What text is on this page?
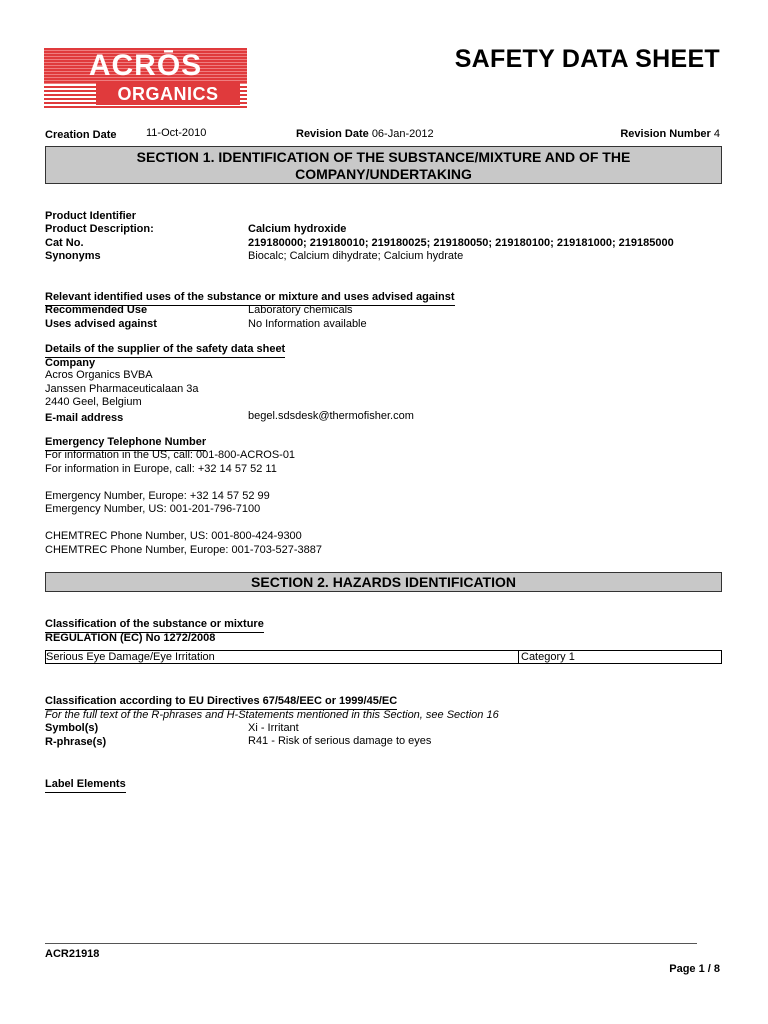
ACRŌS
ORGANICS
SAFETY DATA SHEET
Creation Date	11-Oct-2010	Revision Date 06-Jan-2012	Revision Number 4
SECTION 1. IDENTIFICATION OF THE SUBSTANCE/MIXTURE AND OF THE
COMPANY/UNDERTAKING
Product Identifier
Product Description:	Calcium hydroxide
Cat No.	219180000; 219180010; 219180025; 219180050; 219180100; 219181000; 219185000
Synonyms	Biocalc; Calcium dihydrate; Calcium hydrate
Relevant identified uses of the substance or mixture and uses advised against
Recommended Use	Laboratory chemicals
Uses advised against	No Information available
Details of the supplier of the safety data sheet
Company
Acros Organics BVBA
Janssen Pharmaceuticalaan 3a
2440 Geel, Belgium
E-mail address	begel.sdsdesk@thermofisher.com
Emergency Telephone Number
For information in the US, call: 001-800-ACROS-01
For information in Europe, call: +32 14 57 52 11
Emergency Number, Europe: +32 14 57 52 99
Emergency Number, US: 001-201-796-7100
CHEMTREC Phone Number, US: 001-800-424-9300
CHEMTREC Phone Number, Europe: 001-703-527-3887
SECTION 2. HAZARDS IDENTIFICATION
Classification of the substance or mixture
REGULATION (EC) No 1272/2008
Serious Eye Damage/Eye Irritation	Category 1
Classification according to EU Directives 67/548/EEC or 1999/45/EC
For the full text of the R-phrases and H-Statements mentioned in this Section, see Section 16
Symbol(s)	Xi - Irritant
R-phrase(s)	R41 - Risk of serious damage to eyes
Label Elements
ACR21918
Page 1 / 8
